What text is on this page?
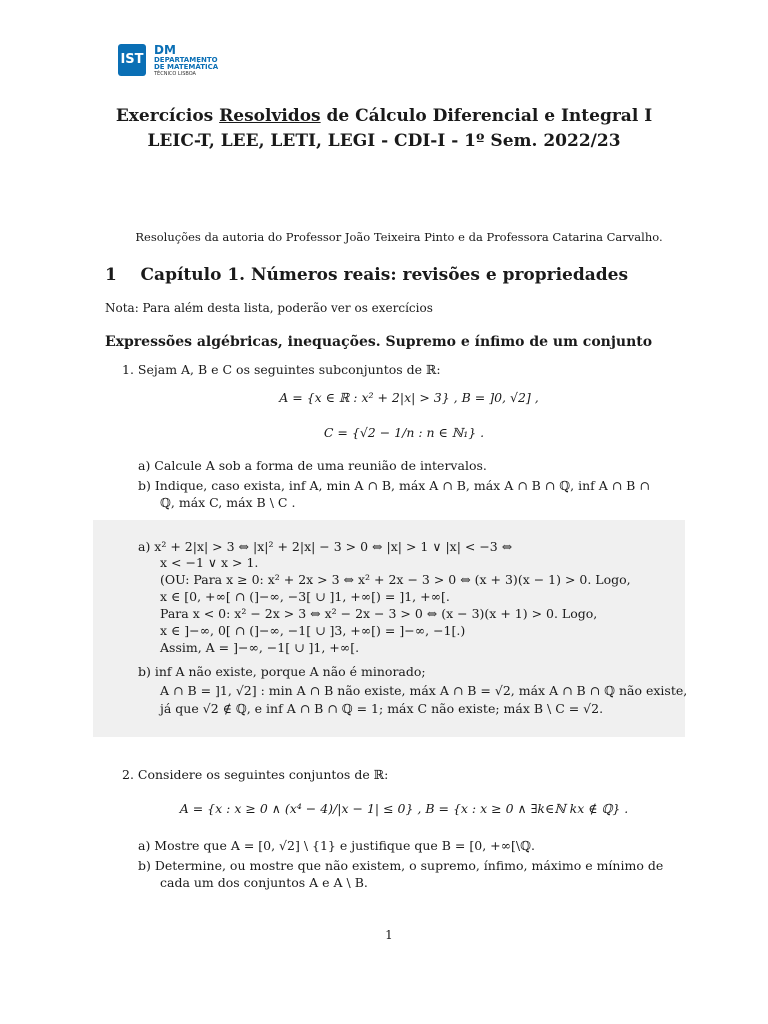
IST
DM
DEPARTAMENTO
DE MATEMÁTICA
TÉCNICO LISBOA
Exercícios Resolvidos de Cálculo Diferencial e Integral I
LEIC-T, LEE, LETI, LEGI - CDI-I - 1º Sem. 2022/23
Resoluções da autoria do Professor João Teixeira Pinto e da Professora Catarina Carvalho.
1 Capítulo 1. Números reais: revisões e propriedades
Nota: Para além desta lista, poderão ver os exercícios
Expressões algébricas, inequações. Supremo e ínfimo de um conjunto
1. Sejam A, B e C os seguintes subconjuntos de ℝ:
A = {x ∈ ℝ : x² + 2|x| > 3} , B = ]0, √2] ,
C = {√2 − 1/n : n ∈ ℕ₁} .
a) Calcule A sob a forma de uma reunião de intervalos.
b) Indique, caso exista, inf A, min A ∩ B, máx A ∩ B, máx A ∩ B ∩ ℚ, inf A ∩ B ∩
ℚ, máx C, máx B \ C .
a) x² + 2|x| > 3 ⇔ |x|² + 2|x| − 3 > 0 ⇔ |x| > 1 ∨ |x| < −3 ⇔
x < −1 ∨ x > 1.
(OU: Para x ≥ 0: x² + 2x > 3 ⇔ x² + 2x − 3 > 0 ⇔ (x + 3)(x − 1) > 0. Logo,
x ∈ [0, +∞[ ∩ (]−∞, −3[ ∪ ]1, +∞[) = ]1, +∞[.
Para x < 0: x² − 2x > 3 ⇔ x² − 2x − 3 > 0 ⇔ (x − 3)(x + 1) > 0. Logo,
x ∈ ]−∞, 0[ ∩ (]−∞, −1[ ∪ ]3, +∞[) = ]−∞, −1[.)
Assim, A = ]−∞, −1[ ∪ ]1, +∞[.
b) inf A não existe, porque A não é minorado;
A ∩ B = ]1, √2] : min A ∩ B não existe, máx A ∩ B = √2, máx A ∩ B ∩ ℚ não existe,
já que √2 ∉ ℚ, e inf A ∩ B ∩ ℚ = 1; máx C não existe; máx B \ C = √2.
2. Considere os seguintes conjuntos de ℝ:
A = {x : x ≥ 0 ∧ (x⁴ − 4)/|x − 1| ≤ 0} , B = {x : x ≥ 0 ∧ ∃k∈ℕ kx ∉ ℚ} .
a) Mostre que A = [0, √2] \ {1} e justifique que B = [0, +∞[\ℚ.
b) Determine, ou mostre que não existem, o supremo, ínfimo, máximo e mínimo de
cada um dos conjuntos A e A \ B.
1
